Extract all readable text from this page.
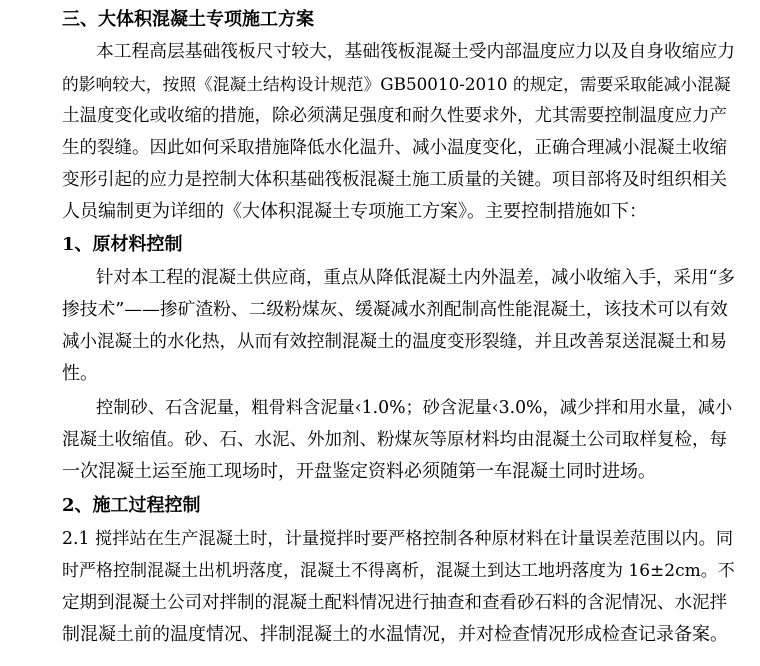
三、大体积混凝土专项施工方案
本工程高层基础筏板尺寸较大，基础筏板混凝土受内部温度应力以及自身收缩应力
的影响较大，按照《混凝土结构设计规范》GB50010-2010 的规定，需要采取能减小混凝
土温度变化或收缩的措施，除必须满足强度和耐久性要求外，尤其需要控制温度应力产
生的裂缝。因此如何采取措施降低水化温升、减小温度变化，正确合理减小混凝土收缩
变形引起的应力是控制大体积基础筏板混凝土施工质量的关键。项目部将及时组织相关
人员编制更为详细的《大体积混凝土专项施工方案》。主要控制措施如下：
1、原材料控制
针对本工程的混凝土供应商，重点从降低混凝土内外温差，减小收缩入手，采用“多
掺技术”——掺矿渣粉、二级粉煤灰、缓凝减水剂配制高性能混凝土，该技术可以有效
减小混凝土的水化热，从而有效控制混凝土的温度变形裂缝，并且改善泵送混凝土和易
性。
控制砂、石含泥量，粗骨料含泥量‹1.0%；砂含泥量‹3.0%，减少拌和用水量，减小
混凝土收缩值。砂、石、水泥、外加剂、粉煤灰等原材料均由混凝土公司取样复检，每
一次混凝土运至施工现场时，开盘鉴定资料必须随第一车混凝土同时进场。
2、施工过程控制
2.1 搅拌站在生产混凝土时，计量搅拌时要严格控制各种原材料在计量误差范围以内。同
时严格控制混凝土出机坍落度，混凝土不得离析，混凝土到达工地坍落度为 16±2cm。不
定期到混凝土公司对拌制的混凝土配料情况进行抽查和查看砂石料的含泥情况、水泥拌
制混凝土前的温度情况、拌制混凝土的水温情况，并对检查情况形成检查记录备案。
